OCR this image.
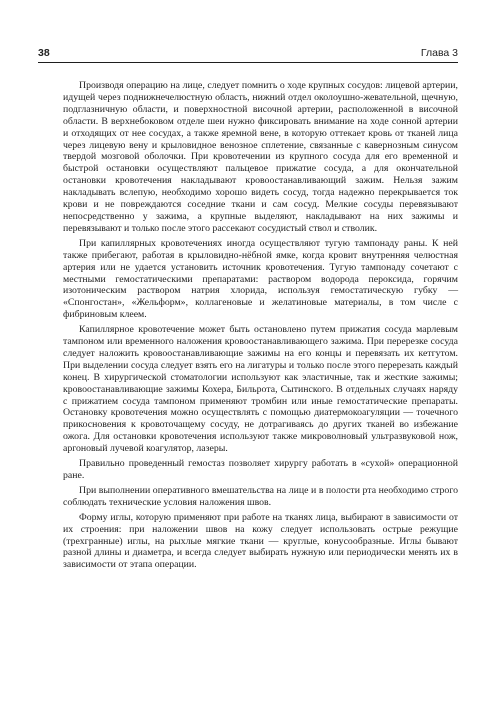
38	Глава 3

Производя операцию на лице, следует помнить о ходе крупных сосудов: лицевой артерии, идущей через поднижнечелюстную область, нижний отдел околоушно-жевательной, щечную, подглазничную области, и поверхностной височной артерии, расположенной в височной области. В верхнебоковом отделе шеи нужно фиксировать внимание на ходе сонной артерии и отходящих от нее сосудах, а также яремной вене, в которую оттекает кровь от тканей лица через лицевую вену и крыловидное венозное сплетение, связанные с кавернозным синусом твердой мозговой оболочки. При кровотечении из крупного сосуда для его временной и быстрой остановки осуществляют пальцевое прижатие сосуда, а для окончательной остановки кровотечения накладывают кровоостанавливающий зажим. Нельзя зажим накладывать вслепую, необходимо хорошо видеть сосуд, тогда надежно перекрывается ток крови и не повреждаются соседние ткани и сам сосуд. Мелкие сосуды перевязывают непосредственно у зажима, а крупные выделяют, накладывают на них зажимы и перевязывают и только после этого рассекают сосудистый ствол и стволик.

При капиллярных кровотечениях иногда осуществляют тугую тампонаду раны. К ней также прибегают, работая в крыловидно-нёбной ямке, когда кровит внутренняя челюстная артерия или не удается установить источник кровотечения. Тугую тампонаду сочетают с местными гемостатическими препаратами: раствором водорода пероксида, горячим изотоническим раствором натрия хлорида, используя гемостатическую губку — «Спонгостан», «Жельформ», коллагеновые и желатиновые материалы, в том числе с фибриновым клеем.

Капиллярное кровотечение может быть остановлено путем прижатия сосуда марлевым тампоном или временного наложения кровоостанавливающего зажима. При перерезке сосуда следует наложить кровоостанавливающие зажимы на его концы и перевязать их кетгутом. При выделении сосуда следует взять его на лигатуры и только после этого перерезать каждый конец. В хирургической стоматологии используют как эластичные, так и жесткие зажимы; кровоостанавливающие зажимы Кохера, Бильрота, Сытинского. В отдельных случаях наряду с прижатием сосуда тампоном применяют тромбин или иные гемостатические препараты. Остановку кровотечения можно осуществлять с помощью диатермокоагуляции — точечного прикосновения к кровоточащему сосуду, не дотрагиваясь до других тканей во избежание ожога. Для остановки кровотечения используют также микроволновый ультразвуковой нож, аргоновый лучевой коагулятор, лазеры.

Правильно проведенный гемостаз позволяет хирургу работать в «сухой» операционной ране.

При выполнении оперативного вмешательства на лице и в полости рта необходимо строго соблюдать технические условия наложения швов.

Форму иглы, которую применяют при работе на тканях лица, выбирают в зависимости от их строения: при наложении швов на кожу следует использовать острые режущие (трехгранные) иглы, на рыхлые мягкие ткани — круглые, конусообразные. Иглы бывают разной длины и диаметра, и всегда следует выбирать нужную или периодически менять их в зависимости от этапа операции.
